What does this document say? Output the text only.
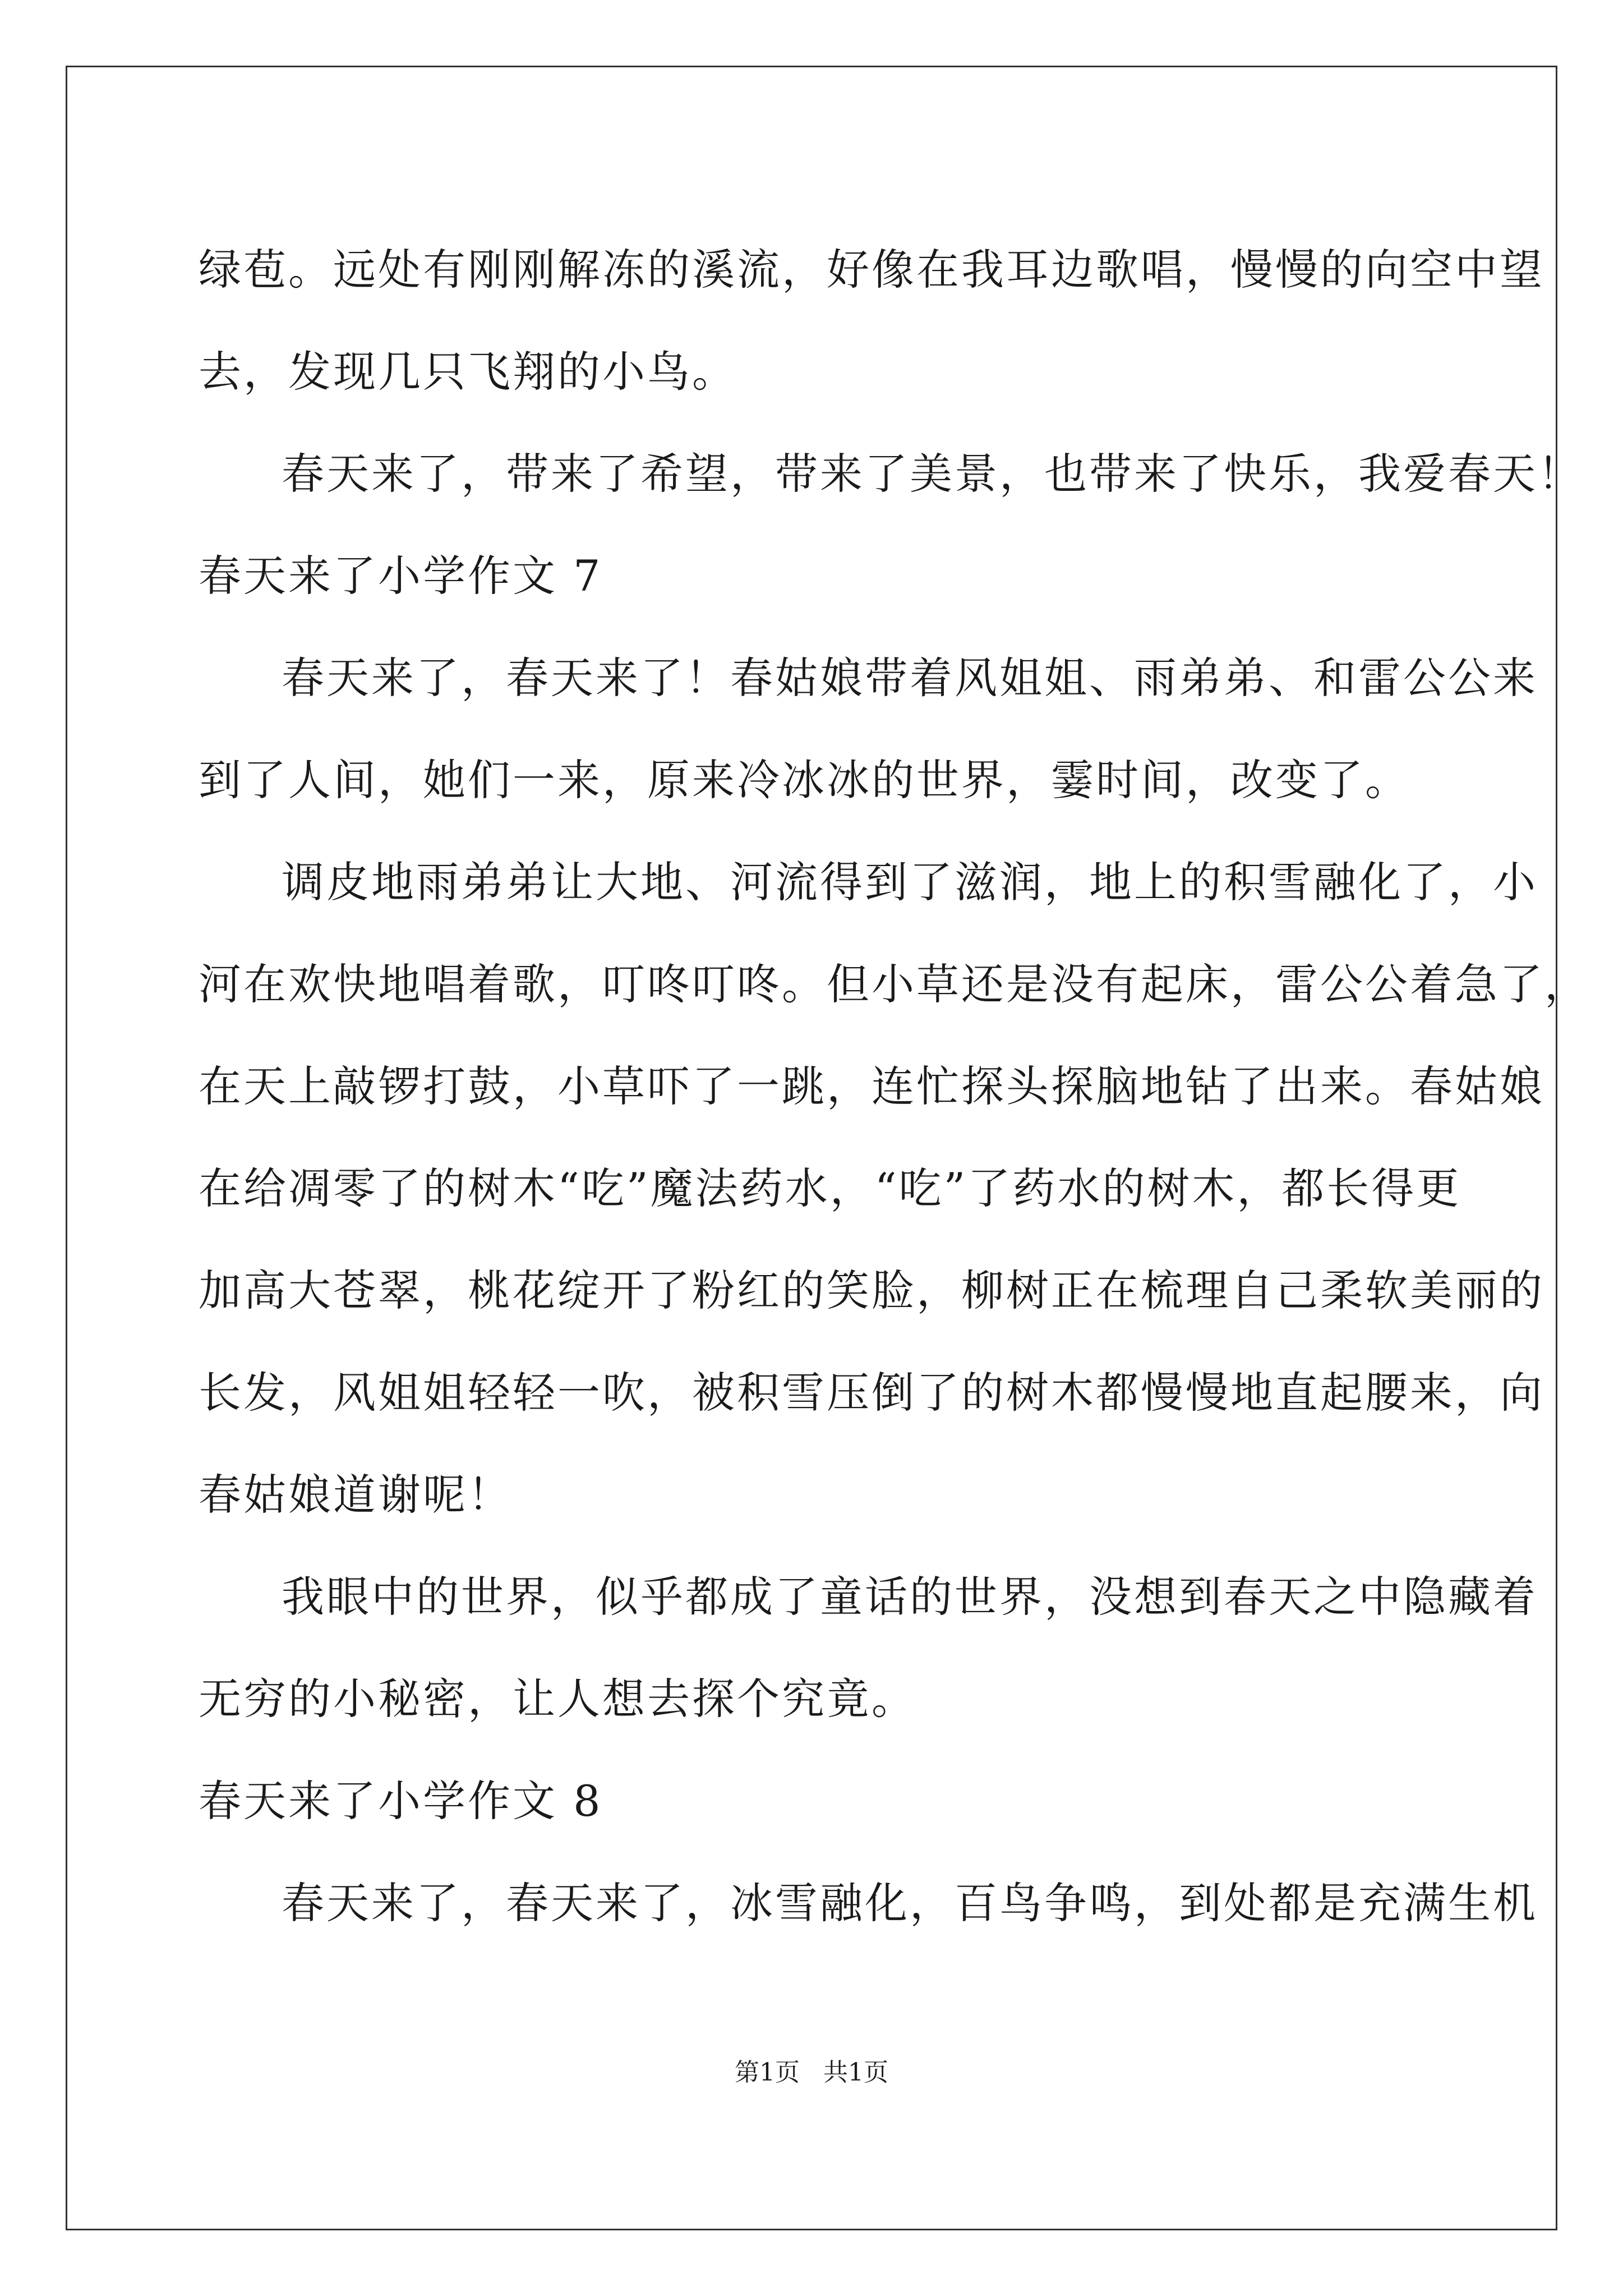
绿苞。远处有刚刚解冻的溪流，好像在我耳边歌唱，慢慢的向空中望
去，发现几只飞翔的小鸟。
春天来了，带来了希望，带来了美景，也带来了快乐，我爱春天！
春天来了小学作文 7
春天来了，春天来了！春姑娘带着风姐姐、雨弟弟、和雷公公来
到了人间，她们一来，原来冷冰冰的世界，霎时间，改变了。
调皮地雨弟弟让大地、河流得到了滋润，地上的积雪融化了，小
河在欢快地唱着歌，叮咚叮咚。但小草还是没有起床，雷公公着急了，
在天上敲锣打鼓，小草吓了一跳，连忙探头探脑地钻了出来。春姑娘
在给凋零了的树木“吃”魔法药水，“吃”了药水的树木，都长得更
加高大苍翠，桃花绽开了粉红的笑脸，柳树正在梳理自己柔软美丽的
长发，风姐姐轻轻一吹，被积雪压倒了的树木都慢慢地直起腰来，向
春姑娘道谢呢！
我眼中的世界，似乎都成了童话的世界，没想到春天之中隐藏着
无穷的小秘密，让人想去探个究竟。
春天来了小学作文 8
春天来了，春天来了，冰雪融化，百鸟争鸣，到处都是充满生机
第1页   共1页
